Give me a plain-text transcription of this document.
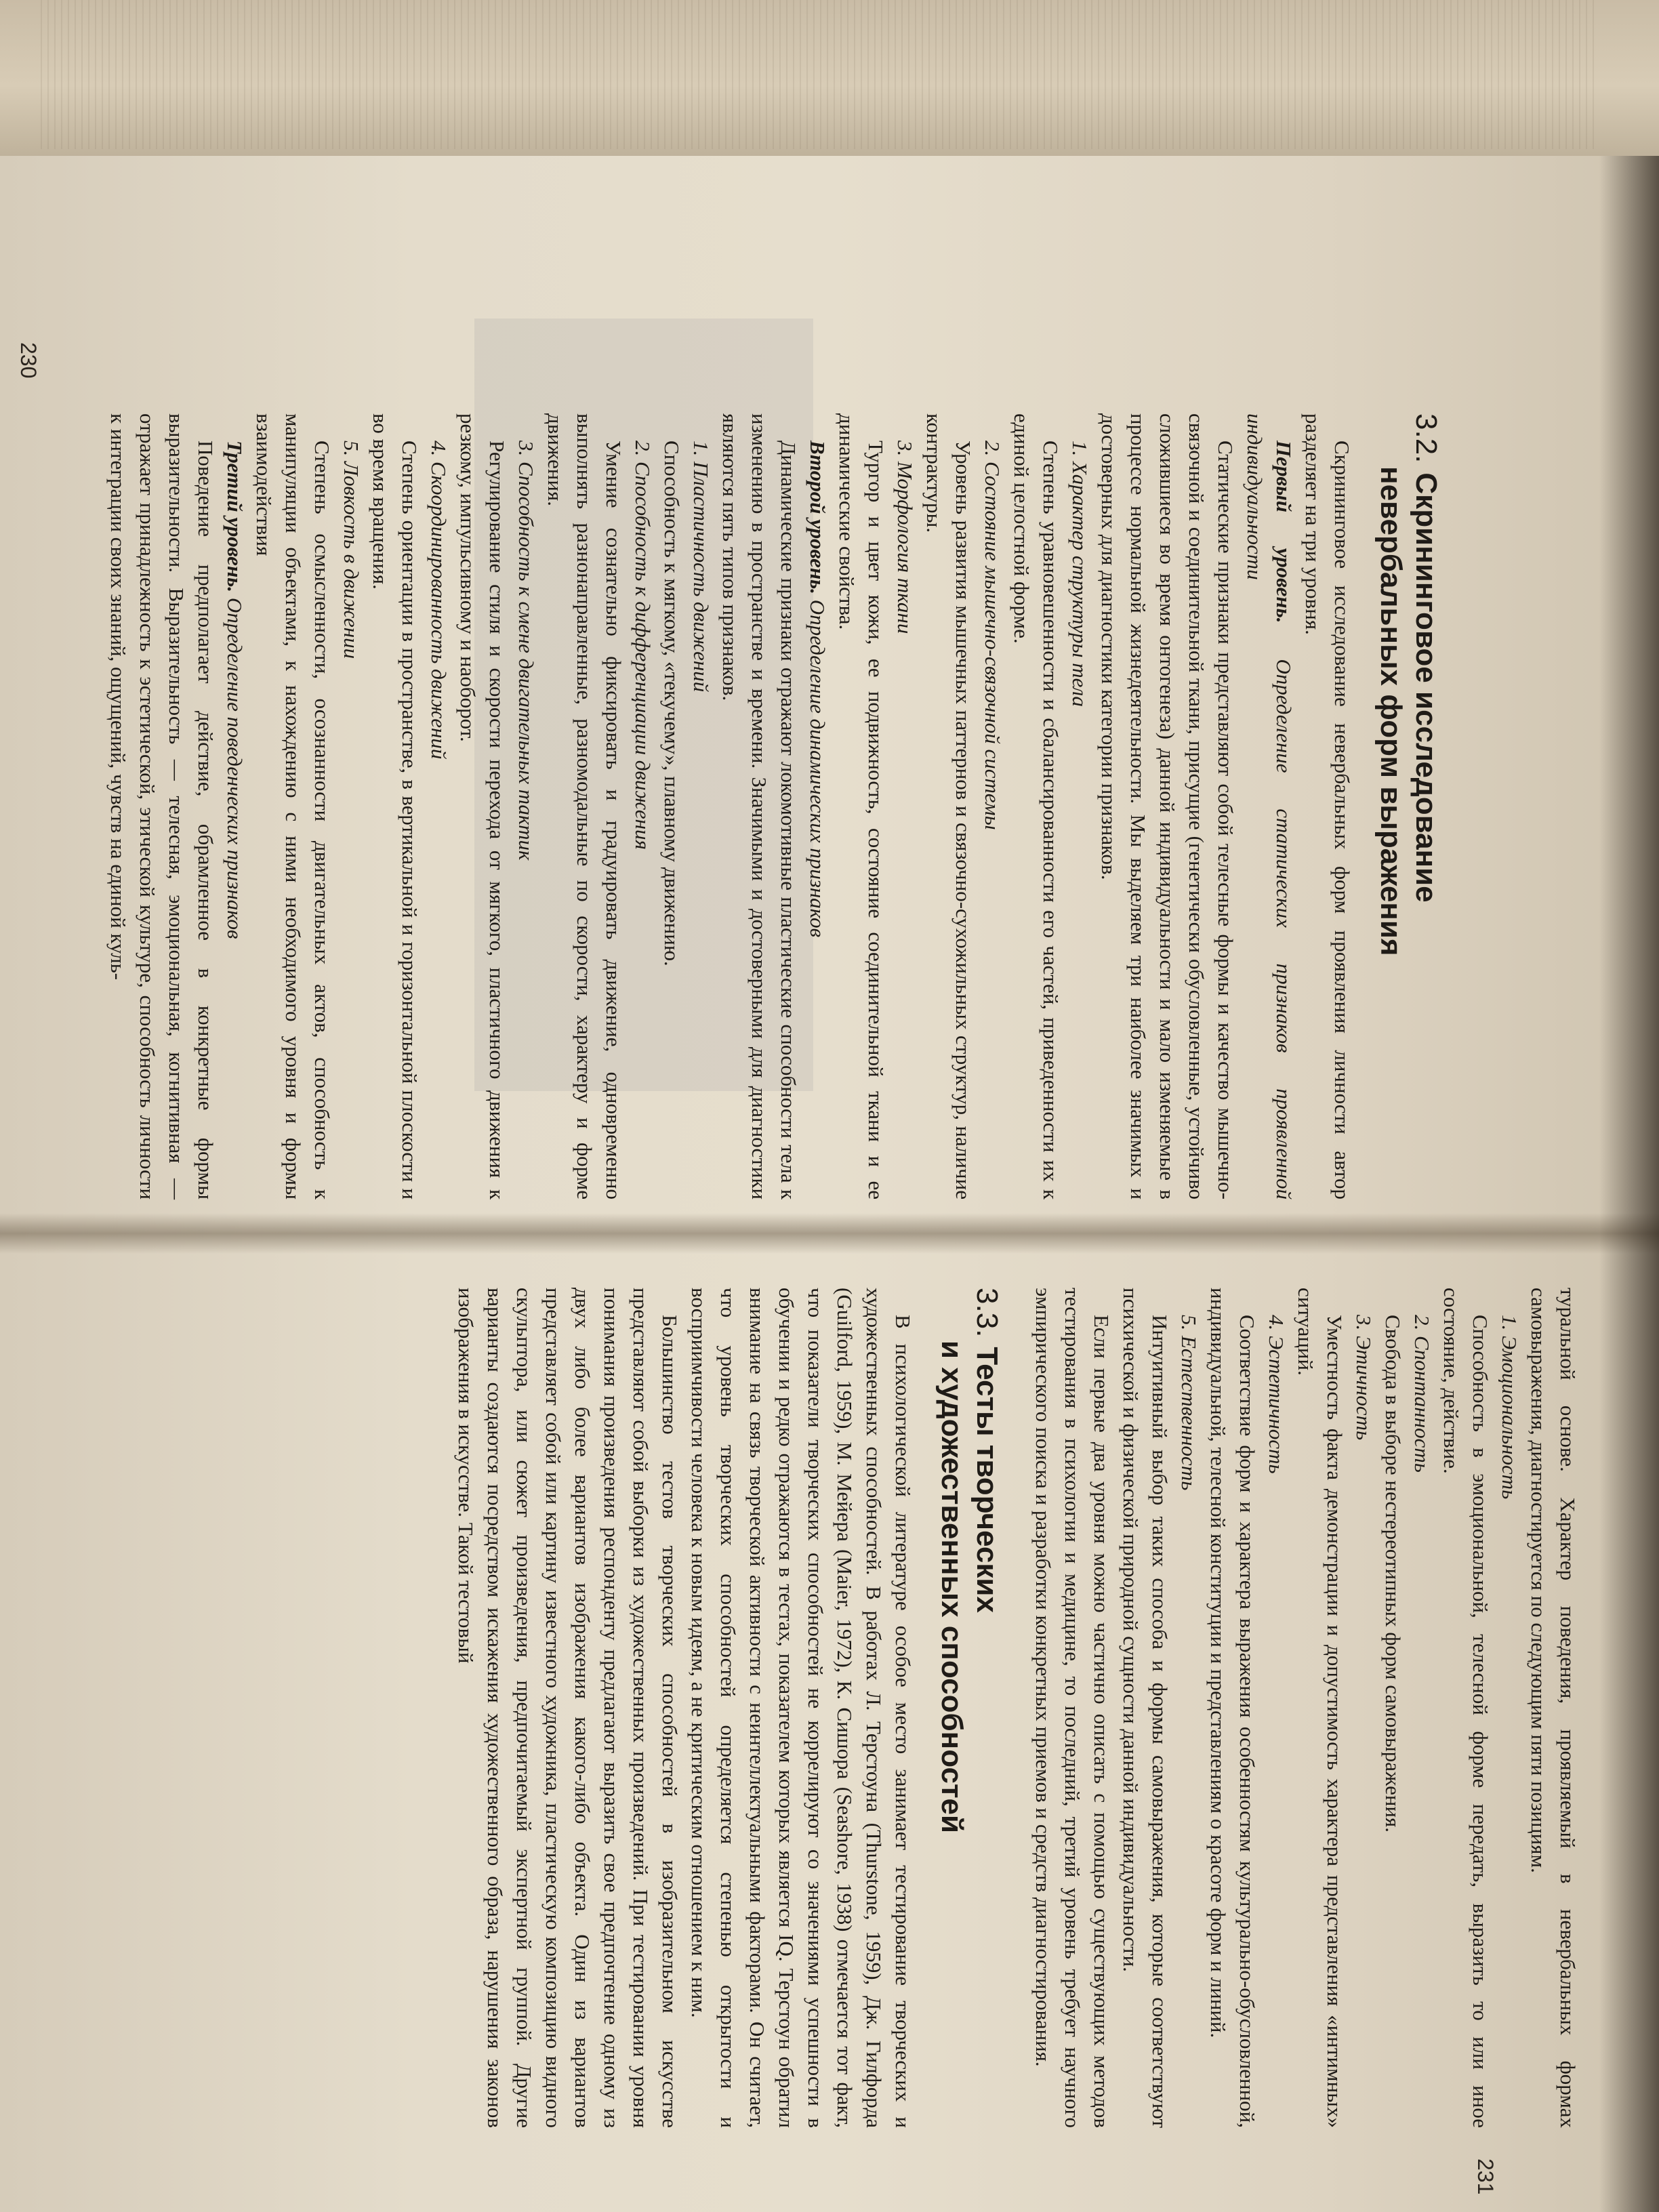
3.2.Скрининговое исследование
невербальных форм выражения

Скрининговое исследование невербальных форм проявления личности автор разделяет на три уровня.

Первый уровень. Определение статических признаков проявленной индивидуальности

Статические признаки представляют собой телесные формы и качество мышечно-связочной и соединительной ткани, присущие (генетически обусловленные, устойчиво сложившиеся во время онтогенеза) данной индивидуальности и мало изменяемые в процессе нормальной жизнедеятельности. Мы выделяем три наиболее значимых и достоверных для диагностики категории признаков.

1. Характер структуры тела

Степень уравновешенности и сбалансированности его частей, приведенности их к единой целостной форме.

2. Состояние мышечно-связочной системы

Уровень развития мышечных паттернов и связочно-сухожильных структур, наличие контрактуры.

3. Морфология ткани

Тургор и цвет кожи, ее подвижность, состояние соединительной ткани и ее динамические свойства.

Второй уровень. Определение динамических признаков

Динамические признаки отражают локомотивные пластические способности тела к изменению в пространстве и времени. Значимыми и достоверными для диагностики являются пять типов признаков.

1. Пластичность движений

Способность к мягкому, «текучему», плавному движению.

2. Способность к дифференциации движения

Умение сознательно фиксировать и градуировать движение, одновременно выполнять разнонаправленные, разномодальные по скорости, характеру и форме движения.

3. Способность к смене двигательных тактик

Регулирование стиля и скорости перехода от мягкого, пластичного движения к резкому, импульсивному и наоборот.

4. Скоординированность движений

Степень ориентации в пространстве, в вертикальной и горизонтальной плоскости и во время вращения.

5. Ловкость в движении

Степень осмысленности, осознанности двигательных актов, способность к манипуляции объектами, к нахождению с ними необходимого уровня и формы взаимодействия

Третий уровень. Определение поведенческих признаков

Поведение предполагает действие, обрамленное в конкретные формы выразительности. Выразительность — телесная, эмоциональная, когнитивная — отражает принадлежность к эстетической, этической культуре, способность личности к интеграции своих знаний, ощущений, чувств на единой куль-

230

туральной основе. Характер поведения, проявляемый в невербальных формах самовыражения, диагностируется по следующим пяти позициям.

1. Эмоциональность

Способность в эмоциональной, телесной форме передать, выразить то или иное состояние, действие.

2. Спонтанность

Свобода в выборе нестереотипных форм самовыражения.

3. Этичность

Уместность факта демонстрации и допустимость характера представления «интимных» ситуаций.

4. Эстетичность

Соответствие форм и характера выражения особенностям культурально-обусловленной, индивидуальной, телесной конституции и представлениям о красоте форм и линий.

5. Естественность

Интуитивный выбор таких способа и формы самовыражения, которые соответствуют психической и физической природной сущности данной индивидуальности.

Если первые два уровня можно частично описать с помощью существующих методов тестирования в психологии и медицине, то последний, третий уровень требует научного эмпирического поиска и разработки конкретных приемов и средств диагностирования.

3.3.Тесты творческих
и художественных способностей

В психологической литературе особое место занимает тестирование творческих и художественных способностей. В работах Л. Терстоуна (Thurstone, 1959), Дж. Гилфорда (Guilford, 1959), М. Мейера (Maier, 1972), К. Сишора (Seashore, 1938) отмечается тот факт, что показатели творческих способностей не коррелируют со значениями успешности в обучении и редко отражаются в тестах, показателем которых является IQ. Терстоун обратил внимание на связь творческой активности с неинтеллектуальными факторами. Он считает, что уровень творческих способностей определяется степенью открытости и восприимчивости человека к новым идеям, а не критическим отношением к ним.

Большинство тестов творческих способностей в изобразительном искусстве представляют собой выборки из художественных произведений. При тестировании уровня понимания произведения респонденту предлагают выразить свое предпочтение одному из двух либо более вариантов изображения какого-либо объекта. Один из вариантов представляет собой или картину известного художника, пластическую композицию видного скульптора, или сюжет произведения, предпочитаемый экспертной группой. Другие варианты создаются посредством искажения художественного образа, нарушения законов изображения в искусстве. Такой тестовый

231
